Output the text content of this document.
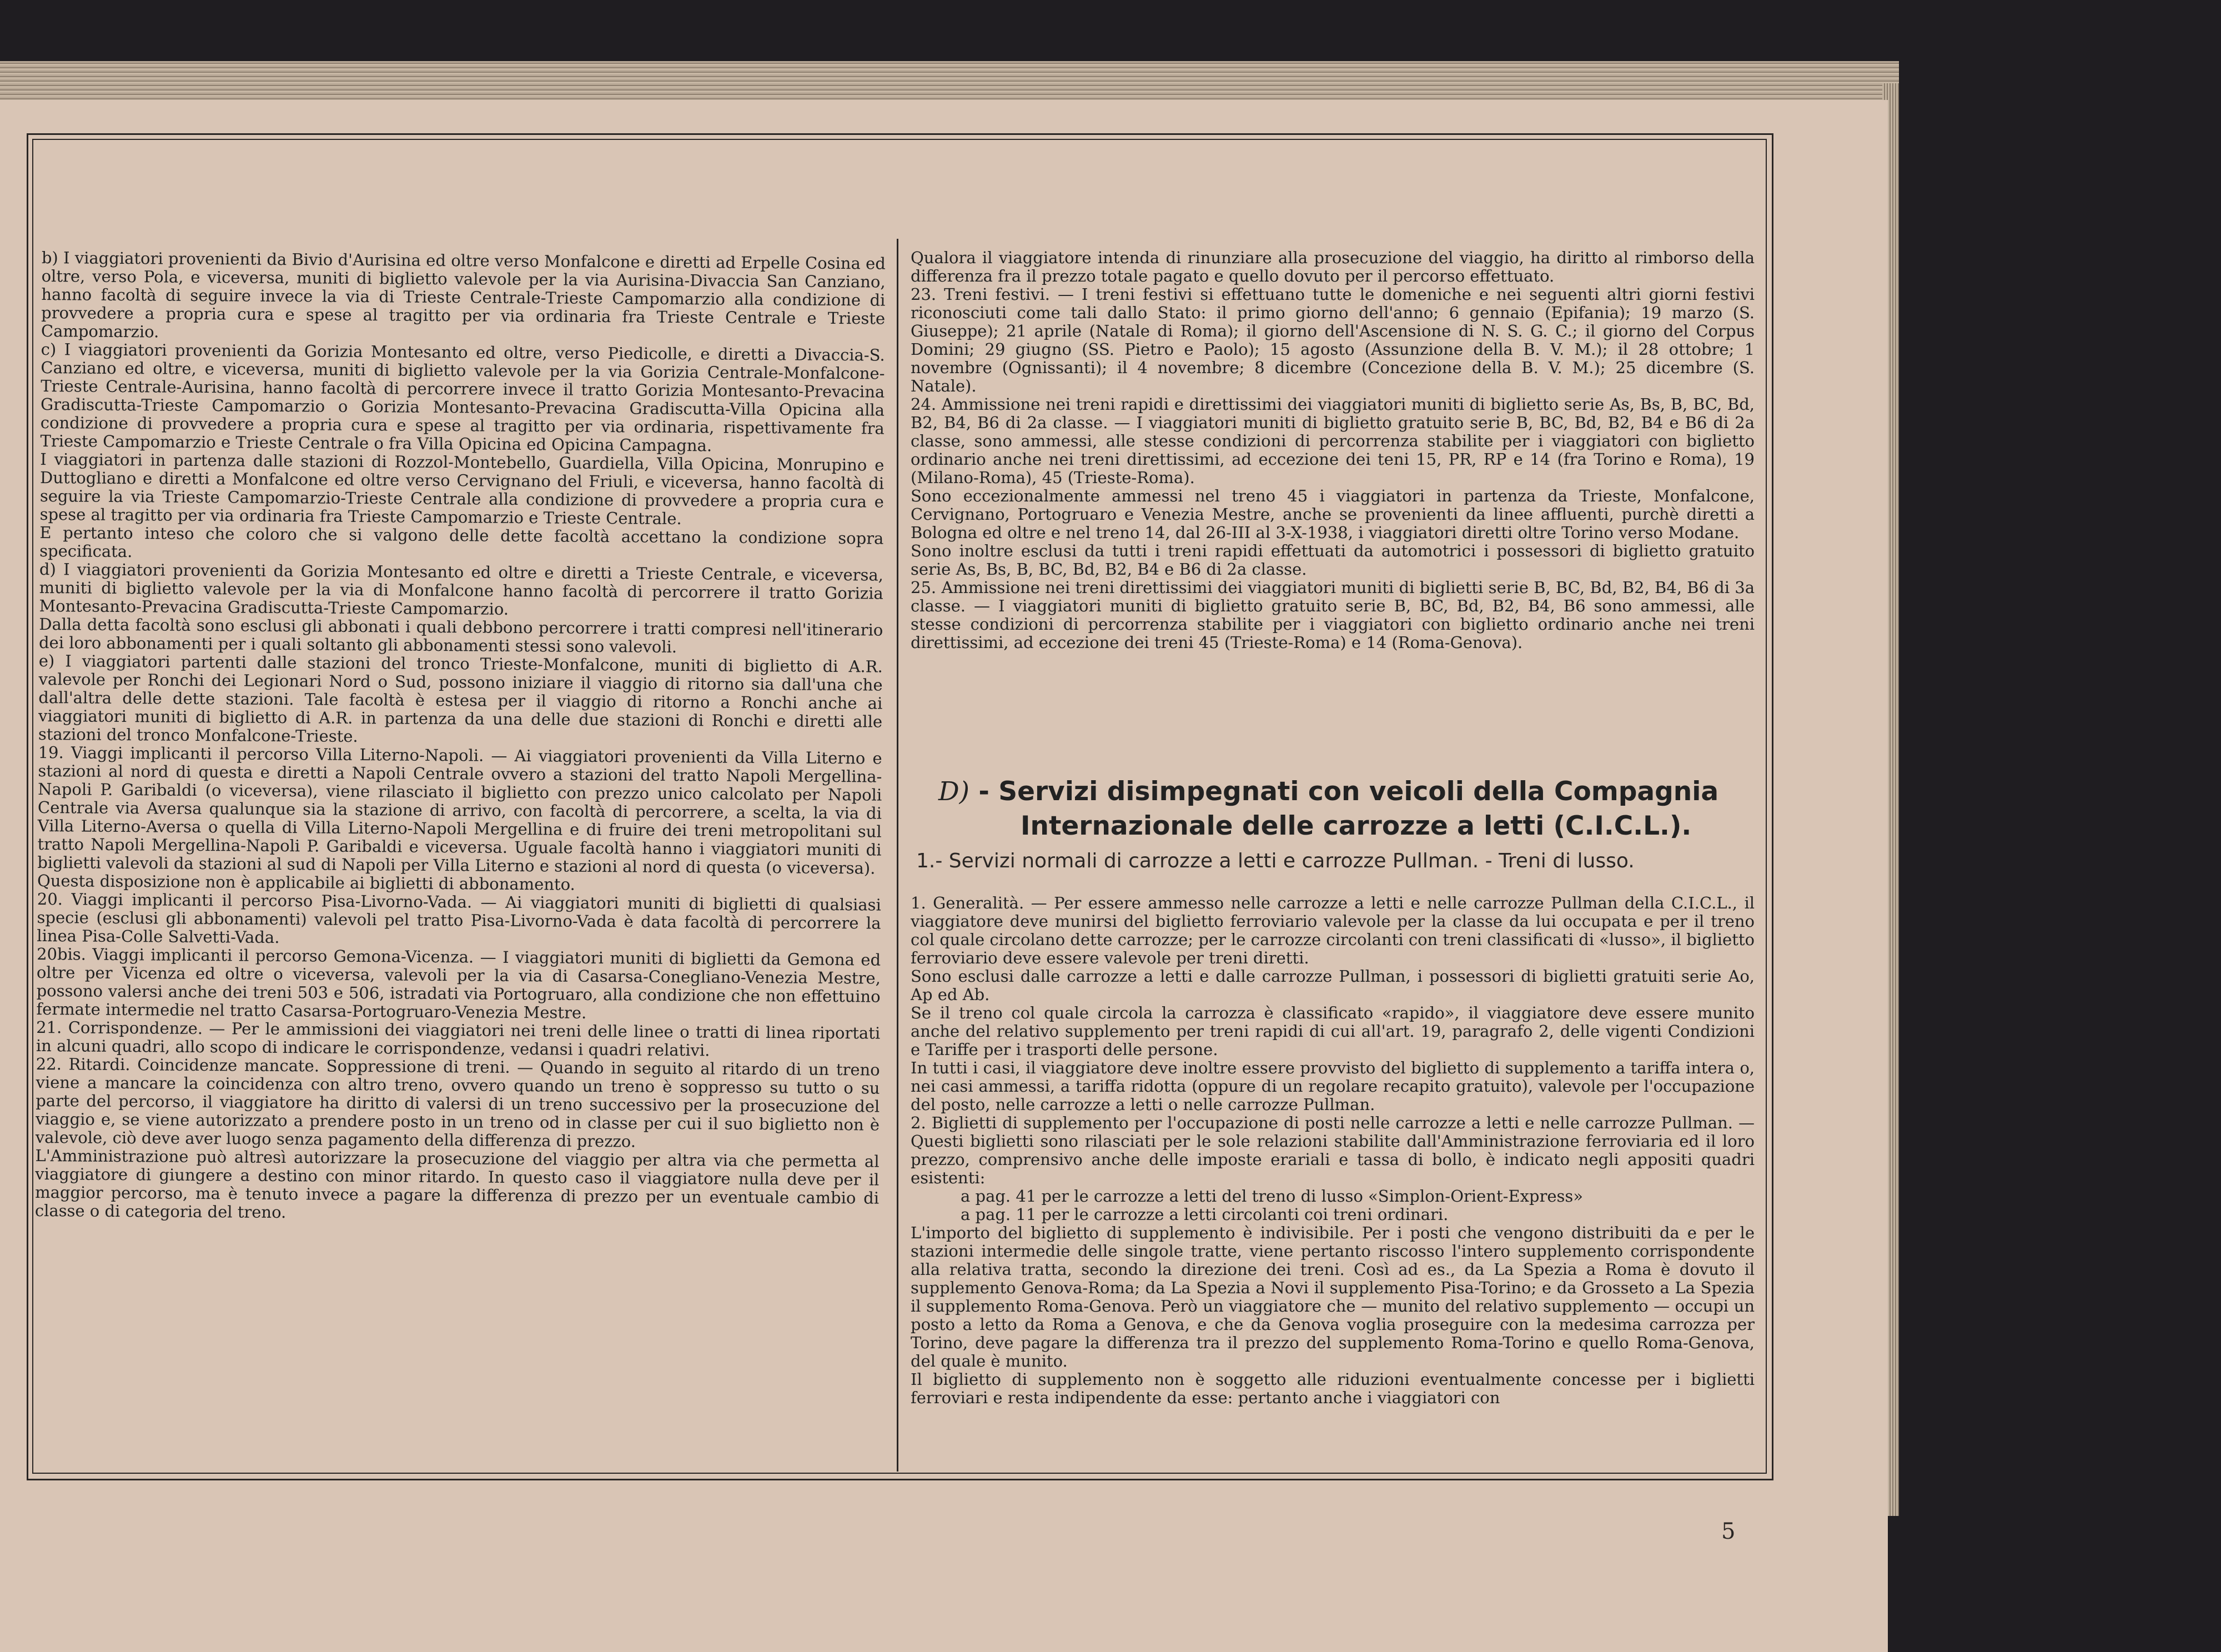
b) I viaggiatori provenienti da Bivio d'Aurisina ed oltre verso Monfalcone e diretti ad Erpelle Cosina ed oltre, verso Pola, e viceversa, muniti di biglietto valevole per la via Aurisina-Divaccia San Canziano, hanno facoltà di seguire invece la via di Trieste Centrale-Trieste Campomarzio alla condizione di provvedere a propria cura e spese al tragitto per via ordinaria fra Trieste Centrale e Trieste Campomarzio.

c) I viaggiatori provenienti da Gorizia Montesanto ed oltre, verso Piedicolle, e diretti a Divaccia-S. Canziano ed oltre, e viceversa, muniti di biglietto valevole per la via Gorizia Centrale-Monfalcone-Trieste Centrale-Aurisina, hanno facoltà di percorrere invece il tratto Gorizia Montesanto-Prevacina Gradiscutta-Trieste Campomarzio o Gorizia Montesanto-Prevacina Gradiscutta-Villa Opicina alla condizione di provvedere a propria cura e spese al tragitto per via ordinaria, rispettivamente fra Trieste Campomarzio e Trieste Centrale o fra Villa Opicina ed Opicina Campagna.

I viaggiatori in partenza dalle stazioni di Rozzol-Montebello, Guardiella, Villa Opicina, Monrupino e Duttogliano e diretti a Monfalcone ed oltre verso Cervignano del Friuli, e viceversa, hanno facoltà di seguire la via Trieste Campomarzio-Trieste Centrale alla condizione di provvedere a propria cura e spese al tragitto per via ordinaria fra Trieste Campomarzio e Trieste Centrale.

E pertanto inteso che coloro che si valgono delle dette facoltà accettano la condizione sopra specificata.

d) I viaggiatori provenienti da Gorizia Montesanto ed oltre e diretti a Trieste Centrale, e viceversa, muniti di biglietto valevole per la via di Monfalcone hanno facoltà di percorrere il tratto Gorizia Montesanto-Prevacina Gradiscutta-Trieste Campomarzio.

Dalla detta facoltà sono esclusi gli abbonati i quali debbono percorrere i tratti compresi nell'itinerario dei loro abbonamenti per i quali soltanto gli abbonamenti stessi sono valevoli.

e) I viaggiatori partenti dalle stazioni del tronco Trieste-Monfalcone, muniti di biglietto di A.R. valevole per Ronchi dei Legionari Nord o Sud, possono iniziare il viaggio di ritorno sia dall'una che dall'altra delle dette stazioni. Tale facoltà è estesa per il viaggio di ritorno a Ronchi anche ai viaggiatori muniti di biglietto di A.R. in partenza da una delle due stazioni di Ronchi e diretti alle stazioni del tronco Monfalcone-Trieste.

19. Viaggi implicanti il percorso Villa Literno-Napoli. — Ai viaggiatori provenienti da Villa Literno e stazioni al nord di questa e diretti a Napoli Centrale ovvero a stazioni del tratto Napoli Mergellina-Napoli P. Garibaldi (o viceversa), viene rilasciato il biglietto con prezzo unico calcolato per Napoli Centrale via Aversa qualunque sia la stazione di arrivo, con facoltà di percorrere, a scelta, la via di Villa Literno-Aversa o quella di Villa Literno-Napoli Mergellina e di fruire dei treni metropolitani sul tratto Napoli Mergellina-Napoli P. Garibaldi e viceversa. Uguale facoltà hanno i viaggiatori muniti di biglietti valevoli da stazioni al sud di Napoli per Villa Literno e stazioni al nord di questa (o viceversa).

Questa disposizione non è applicabile ai biglietti di abbonamento.

20. Viaggi implicanti il percorso Pisa-Livorno-Vada. — Ai viaggiatori muniti di biglietti di qualsiasi specie (esclusi gli abbonamenti) valevoli pel tratto Pisa-Livorno-Vada è data facoltà di percorrere la linea Pisa-Colle Salvetti-Vada.

20bis. Viaggi implicanti il percorso Gemona-Vicenza. — I viaggiatori muniti di biglietti da Gemona ed oltre per Vicenza ed oltre o viceversa, valevoli per la via di Casarsa-Conegliano-Venezia Mestre, possono valersi anche dei treni 503 e 506, istradati via Portogruaro, alla condizione che non effettuino fermate intermedie nel tratto Casarsa-Portogruaro-Venezia Mestre.

21. Corrispondenze. — Per le ammissioni dei viaggiatori nei treni delle linee o tratti di linea riportati in alcuni quadri, allo scopo di indicare le corrispondenze, vedansi i quadri relativi.

22. Ritardi. Coincidenze mancate. Soppressione di treni. — Quando in seguito al ritardo di un treno viene a mancare la coincidenza con altro treno, ovvero quando un treno è soppresso su tutto o su parte del percorso, il viaggiatore ha diritto di valersi di un treno successivo per la prosecuzione del viaggio e, se viene autorizzato a prendere posto in un treno od in classe per cui il suo biglietto non è valevole, ciò deve aver luogo senza pagamento della differenza di prezzo.

L'Amministrazione può altresì autorizzare la prosecuzione del viaggio per altra via che permetta al viaggiatore di giungere a destino con minor ritardo. In questo caso il viaggiatore nulla deve per il maggior percorso, ma è tenuto invece a pagare la differenza di prezzo per un eventuale cambio di classe o di categoria del treno.

Qualora il viaggiatore intenda di rinunziare alla prosecuzione del viaggio, ha diritto al rimborso della differenza fra il prezzo totale pagato e quello dovuto per il percorso effettuato.

23. Treni festivi. — I treni festivi si effettuano tutte le domeniche e nei seguenti altri giorni festivi riconosciuti come tali dallo Stato: il primo giorno dell'anno; 6 gennaio (Epifania); 19 marzo (S. Giuseppe); 21 aprile (Natale di Roma); il giorno dell'Ascensione di N. S. G. C.; il giorno del Corpus Domini; 29 giugno (SS. Pietro e Paolo); 15 agosto (Assunzione della B. V. M.); il 28 ottobre; 1 novembre (Ognissanti); il 4 novembre; 8 dicembre (Concezione della B. V. M.); 25 dicembre (S. Natale).

24. Ammissione nei treni rapidi e direttissimi dei viaggiatori muniti di biglietto serie As, Bs, B, BC, Bd, B2, B4, B6 di 2a classe. — I viaggiatori muniti di biglietto gratuito serie B, BC, Bd, B2, B4 e B6 di 2a classe, sono ammessi, alle stesse condizioni di percorrenza stabilite per i viaggiatori con biglietto ordinario anche nei treni direttissimi, ad eccezione dei teni 15, PR, RP e 14 (fra Torino e Roma), 19 (Milano-Roma), 45 (Trieste-Roma).

Sono eccezionalmente ammessi nel treno 45 i viaggiatori in partenza da Trieste, Monfalcone, Cervignano, Portogruaro e Venezia Mestre, anche se provenienti da linee affluenti, purchè diretti a Bologna ed oltre e nel treno 14, dal 26-III al 3-X-1938, i viaggiatori diretti oltre Torino verso Modane.

Sono inoltre esclusi da tutti i treni rapidi effettuati da automotrici i possessori di biglietto gratuito serie As, Bs, B, BC, Bd, B2, B4 e B6 di 2a classe.

25. Ammissione nei treni direttissimi dei viaggiatori muniti di biglietti serie B, BC, Bd, B2, B4, B6 di 3a classe. — I viaggiatori muniti di biglietto gratuito serie B, BC, Bd, B2, B4, B6 sono ammessi, alle stesse condizioni di percorrenza stabilite per i viaggiatori con biglietto ordinario anche nei treni direttissimi, ad eccezione dei treni 45 (Trieste-Roma) e 14 (Roma-Genova).

D) - Servizi disimpegnati con veicoli della Compagnia
Internazionale delle carrozze a letti (C.I.C.L.).
1.- Servizi normali di carrozze a letti e carrozze Pullman. - Treni di lusso.

1. Generalità. — Per essere ammesso nelle carrozze a letti e nelle carrozze Pullman della C.I.C.L., il viaggiatore deve munirsi del biglietto ferroviario valevole per la classe da lui occupata e per il treno col quale circolano dette carrozze; per le carrozze circolanti con treni classificati di «lusso», il biglietto ferroviario deve essere valevole per treni diretti.

Sono esclusi dalle carrozze a letti e dalle carrozze Pullman, i possessori di biglietti gratuiti serie Ao, Ap ed Ab.

Se il treno col quale circola la carrozza è classificato «rapido», il viaggiatore deve essere munito anche del relativo supplemento per treni rapidi di cui all'art. 19, paragrafo 2, delle vigenti Condizioni e Tariffe per i trasporti delle persone.

In tutti i casi, il viaggiatore deve inoltre essere provvisto del biglietto di supplemento a tariffa intera o, nei casi ammessi, a tariffa ridotta (oppure di un regolare recapito gratuito), valevole per l'occupazione del posto, nelle carrozze a letti o nelle carrozze Pullman.

2. Biglietti di supplemento per l'occupazione di posti nelle carrozze a letti e nelle carrozze Pullman. — Questi biglietti sono rilasciati per le sole relazioni stabilite dall'Amministrazione ferroviaria ed il loro prezzo, comprensivo anche delle imposte erariali e tassa di bollo, è indicato negli appositi quadri esistenti:

a pag. 41 per le carrozze a letti del treno di lusso «Simplon-Orient-Express»

a pag. 11 per le carrozze a letti circolanti coi treni ordinari.

L'importo del biglietto di supplemento è indivisibile. Per i posti che vengono distribuiti da e per le stazioni intermedie delle singole tratte, viene pertanto riscosso l'intero supplemento corrispondente alla relativa tratta, secondo la direzione dei treni. Così ad es., da La Spezia a Roma è dovuto il supplemento Genova-Roma; da La Spezia a Novi il supplemento Pisa-Torino; e da Grosseto a La Spezia il supplemento Roma-Genova. Però un viaggiatore che — munito del relativo supplemento — occupi un posto a letto da Roma a Genova, e che da Genova voglia proseguire con la medesima carrozza per Torino, deve pagare la differenza tra il prezzo del supplemento Roma-Torino e quello Roma-Genova, del quale è munito.

Il biglietto di supplemento non è soggetto alle riduzioni eventualmente concesse per i biglietti ferroviari e resta indipendente da esse: pertanto anche i viaggiatori con

5
